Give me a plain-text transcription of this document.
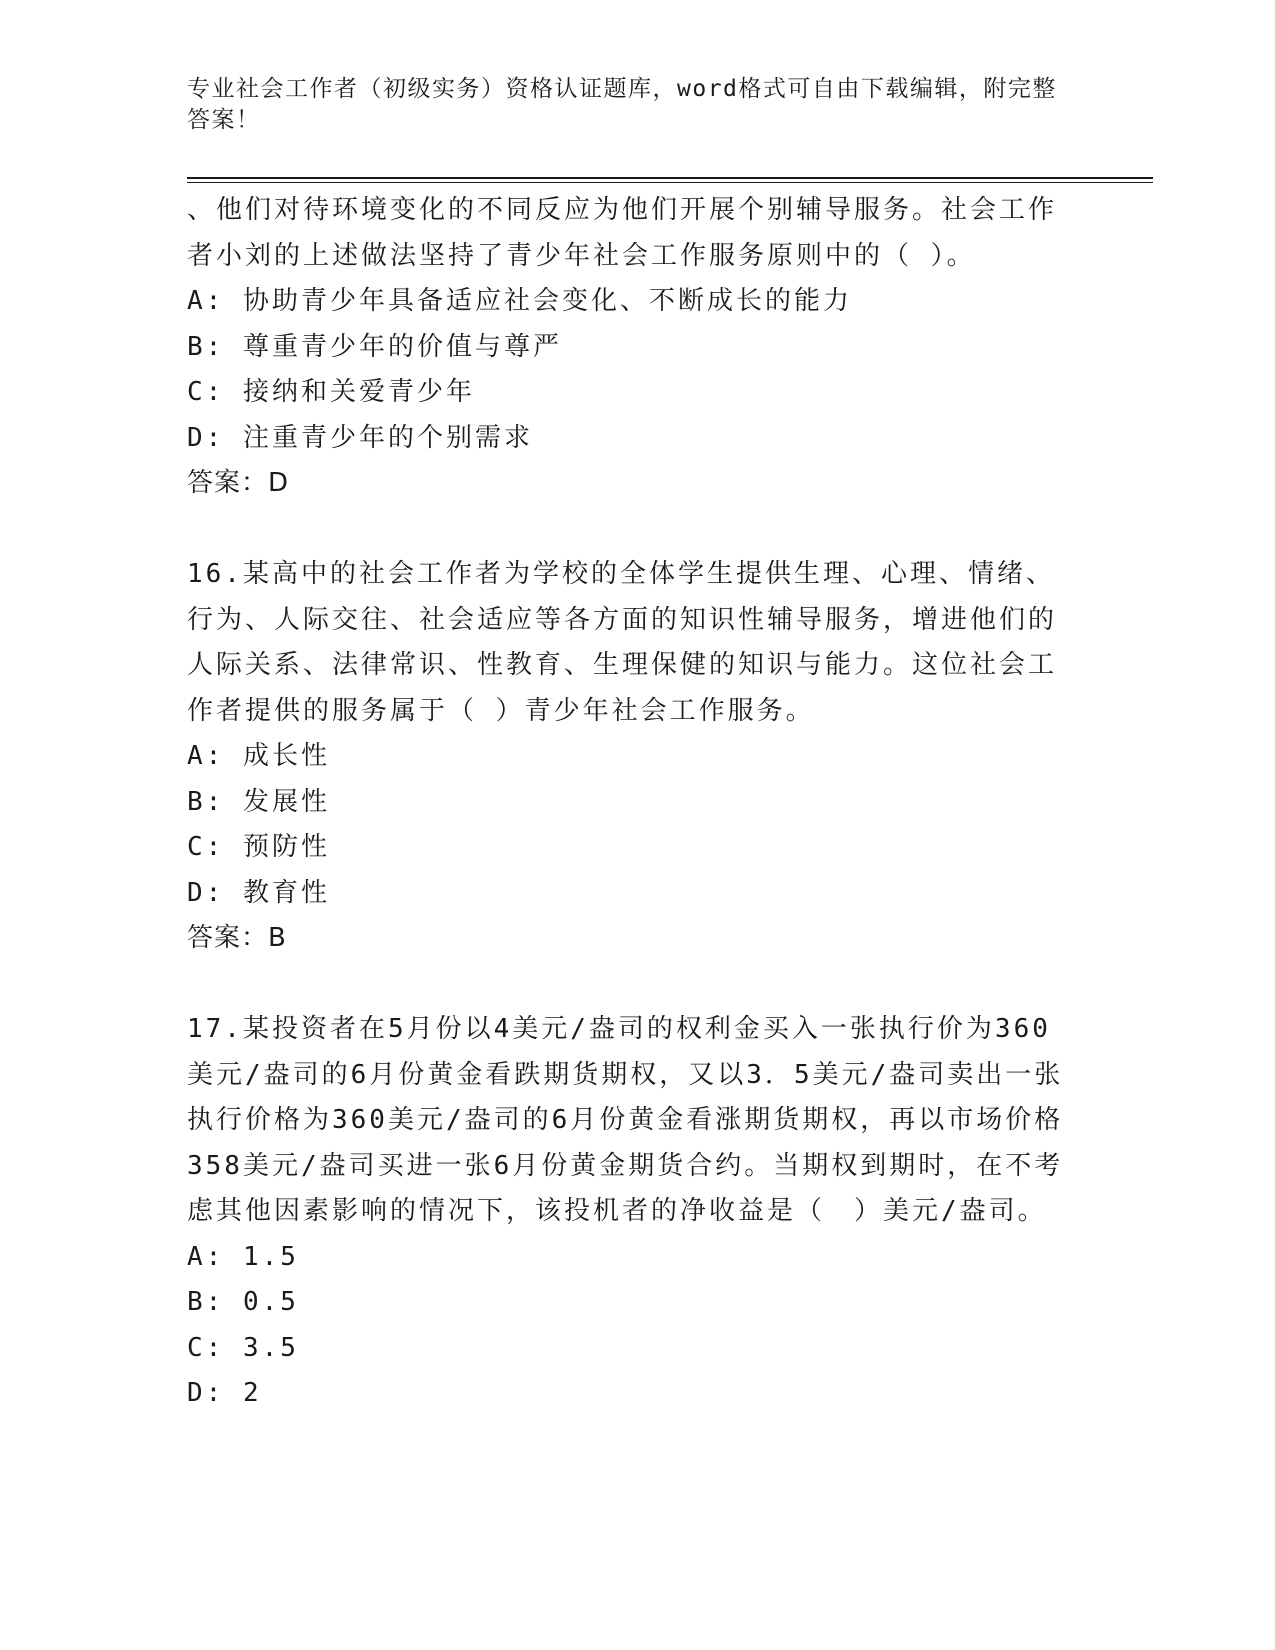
专业社会工作者（初级实务）资格认证题库，word格式可自由下载编辑，附完整答案！
、他们对待环境变化的不同反应为他们开展个别辅导服务。社会工作者小刘的上述做法坚持了青少年社会工作服务原则中的（ ）。
A: 协助青少年具备适应社会变化、不断成长的能力
B: 尊重青少年的价值与尊严
C: 接纳和关爱青少年
D: 注重青少年的个别需求
答案：D
16.某高中的社会工作者为学校的全体学生提供生理、心理、情绪、行为、人际交往、社会适应等各方面的知识性辅导服务，增进他们的人际关系、法律常识、性教育、生理保健的知识与能力。这位社会工作者提供的服务属于（ ）青少年社会工作服务。
A: 成长性
B: 发展性
C: 预防性
D: 教育性
答案：B
17.某投资者在5月份以4美元/盎司的权利金买入一张执行价为360美元/盎司的6月份黄金看跌期货期权，又以3．5美元/盎司卖出一张执行价格为360美元/盎司的6月份黄金看涨期货期权，再以市场价格358美元/盎司买进一张6月份黄金期货合约。当期权到期时，在不考虑其他因素影响的情况下，该投机者的净收益是（　）美元/盎司。
A: 1.5
B: 0.5
C: 3.5
D: 2
